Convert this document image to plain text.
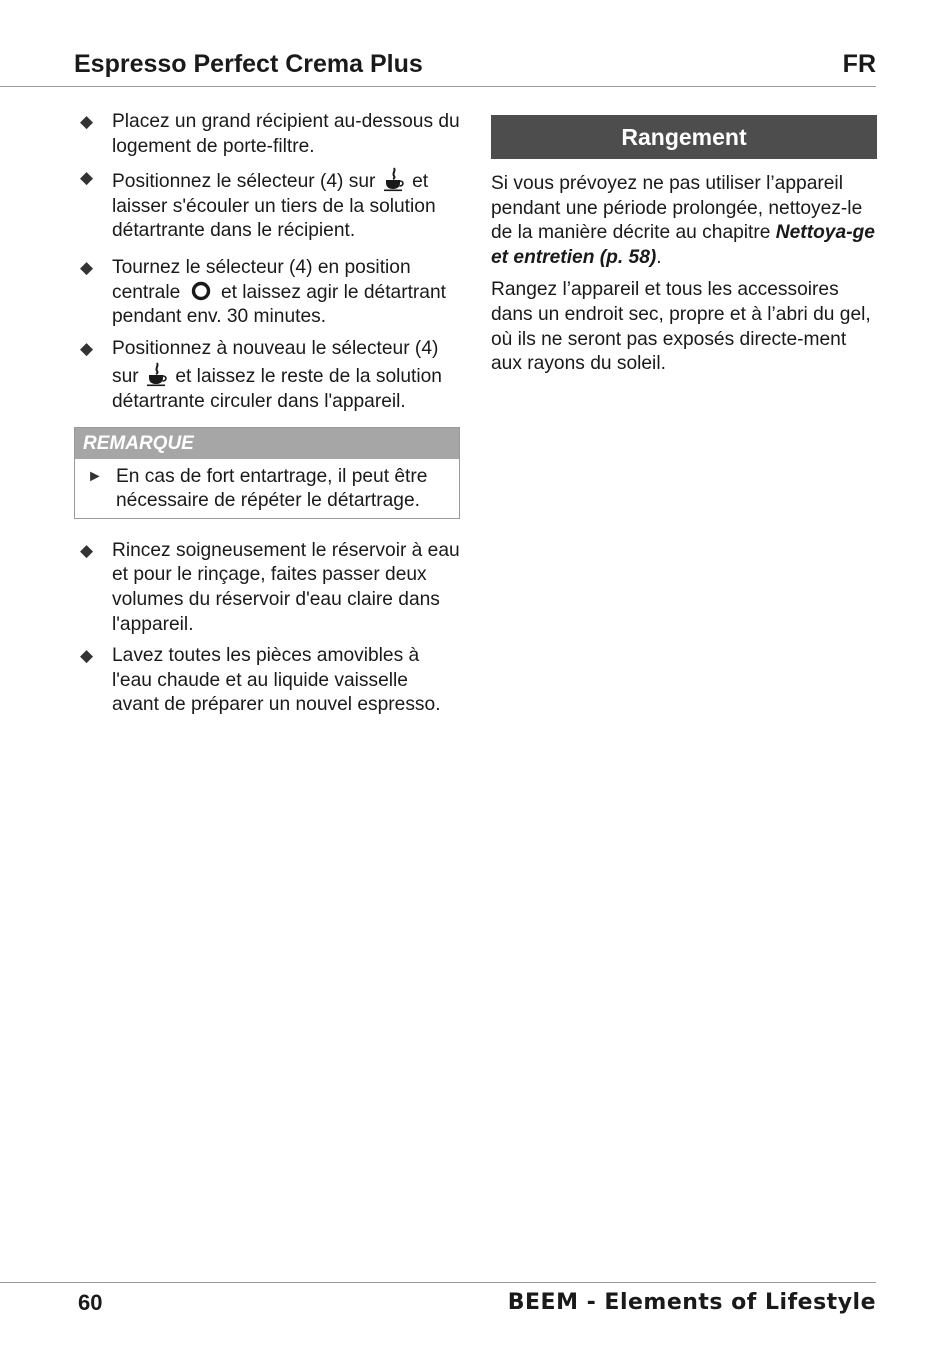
Espresso Perfect Crema Plus	FR
◆ Placez un grand récipient au-dessous du logement de porte-filtre.
◆ Positionnez le sélecteur (4) sur  et laisser s'écouler un tiers de la solution détartrante dans le récipient.
◆ Tournez le sélecteur (4) en position centrale  et laissez agir le détartrant pendant env. 30 minutes.
◆ Positionnez à nouveau le sélecteur (4) sur  et laissez le reste de la solution détartrante circuler dans l'appareil.
REMARQUE
► En cas de fort entartrage, il peut être nécessaire de répéter le détartrage.
◆ Rincez soigneusement le réservoir à eau et pour le rinçage, faites passer deux volumes du réservoir d'eau claire dans l'appareil.
◆ Lavez toutes les pièces amovibles à l'eau chaude et au liquide vaisselle avant de préparer un nouvel espresso.
Rangement

Si vous prévoyez ne pas utiliser l’appareil pendant une période prolongée, nettoyez-le de la manière décrite au chapitre Nettoya-ge et entretien (p. 58).

Rangez l’appareil et tous les accessoires dans un endroit sec, propre et à l’abri du gel, où ils ne seront pas exposés directe-ment aux rayons du soleil.

60	BEEM - Elements of Lifestyle
